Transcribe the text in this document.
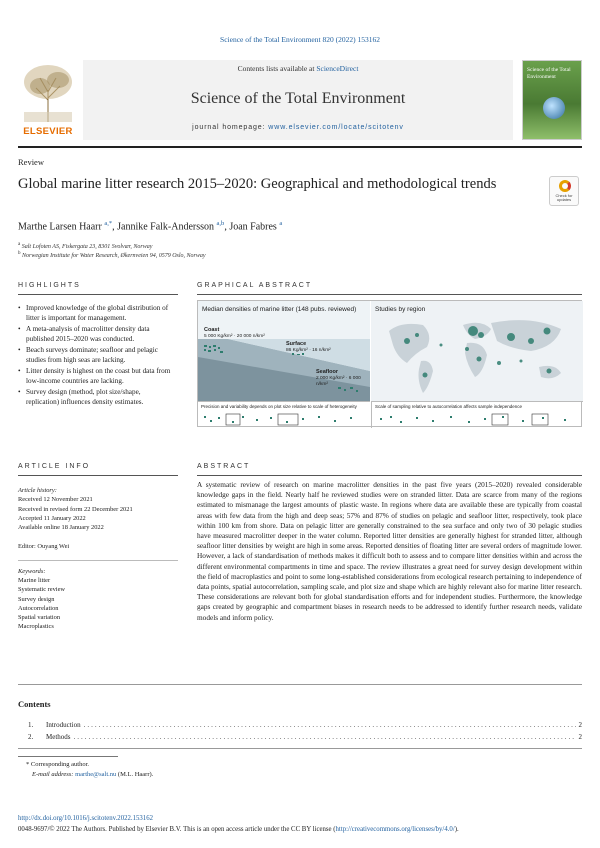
Science of the Total Environment 820 (2022) 153162
ELSEVIER
Contents lists available at ScienceDirect
Science of the Total Environment
journal homepage: www.elsevier.com/locate/scitotenv
Science of the Total Environment
Review
Global marine litter research 2015–2020: Geographical and methodological trends
Check for updates
Marthe Larsen Haarr $^{a,*}$, Jannike Falk-Andersson $^{a,b}$, Joan Fabres $^a$
$^a$ Salt Lofoten AS, Fiskergata 23, 8301 Svolvær, Norway
$^b$ Norwegian Institute for Water Research, Økernveien 94, 0579 Oslo, Norway
HIGHLIGHTS	GRAPHICAL ABSTRACT
• Improved knowledge of the global distribution of litter is important for management.
• A meta-analysis of macrolitter density data published 2015–2020 was conducted.
• Beach surveys dominate; seafloor and pelagic studies from high seas are lacking.
• Litter density is highest on the coast but data from low-income countries are lacking.
• Survey design (method, plot size/shape, replication) influences density estimates.
Median densities of marine litter (148 pubs. reviewed)
Coast
5 000 Kg/km² · 20 000 n/km²
Surface
86 Kg/km² · 16 n/km²
Seafloor
2 000 Kg/km² · 6 000 n/km²
Studies by region
Precision and variability depends on plot size relative to scale of heterogeneity	Scale of sampling relative to autocorrelation affects sample independence
ARTICLE INFO	ABSTRACT
Article history:
Received 12 November 2021
Received in revised form 22 December 2021
Accepted 11 January 2022
Available online 18 January 2022
Editor: Ouyang Wei
Keywords:
Marine litter
Systematic review
Survey design
Autocorrelation
Spatial variation
Macroplastics
A systematic review of research on marine macrolitter densities in the past five years (2015–2020) revealed considerable knowledge gaps in the field. Nearly half he reviewed studies were on stranded litter. Data are scarce from many of the regions estimated to mismanage the largest amounts of plastic waste. In regions where data are available these are typically from coastal areas with few data from the high and deep seas; 57% and 87% of studies on pelagic and seafloor litter, respectively, took place within 100 km from shore. Data on pelagic litter are generally constrained to the sea surface and only two of 30 pelagic studies have measured macrolitter deeper in the water column. Reported litter densities are generally highest for stranded litter, although seafloor litter densities by weight are high in some areas. Reported densities of floating litter are several orders of magnitude lower. However, a lack of standardisation of methods makes it difficult both to assess and to compare litter densities within and across the different environmental compartments in time and space. The review illustrates a great need for survey design development within the field of macroplastics and point to some long-established considerations from ecological research pertaining to independence of data points, spatial autocorrelation, sampling scale, and plot size and shape which are highly relevant also for marine litter research. These considerations are relevant both for global standardisation efforts and for independent studies. Furthermore, the knowledge gaps created by geographic and compartment biases in research needs to be addressed to identify further research needs, validate models and inform policy.
Contents
1.	Introduction .....	2
2.	Methods .....	2
* Corresponding author.
E-mail address: marthe@salt.nu (M.L. Haarr).
http://dx.doi.org/10.1016/j.scitotenv.2022.153162
0048-9697/© 2022 The Authors. Published by Elsevier B.V. This is an open access article under the CC BY license (http://creativecommons.org/licenses/by/4.0/).
